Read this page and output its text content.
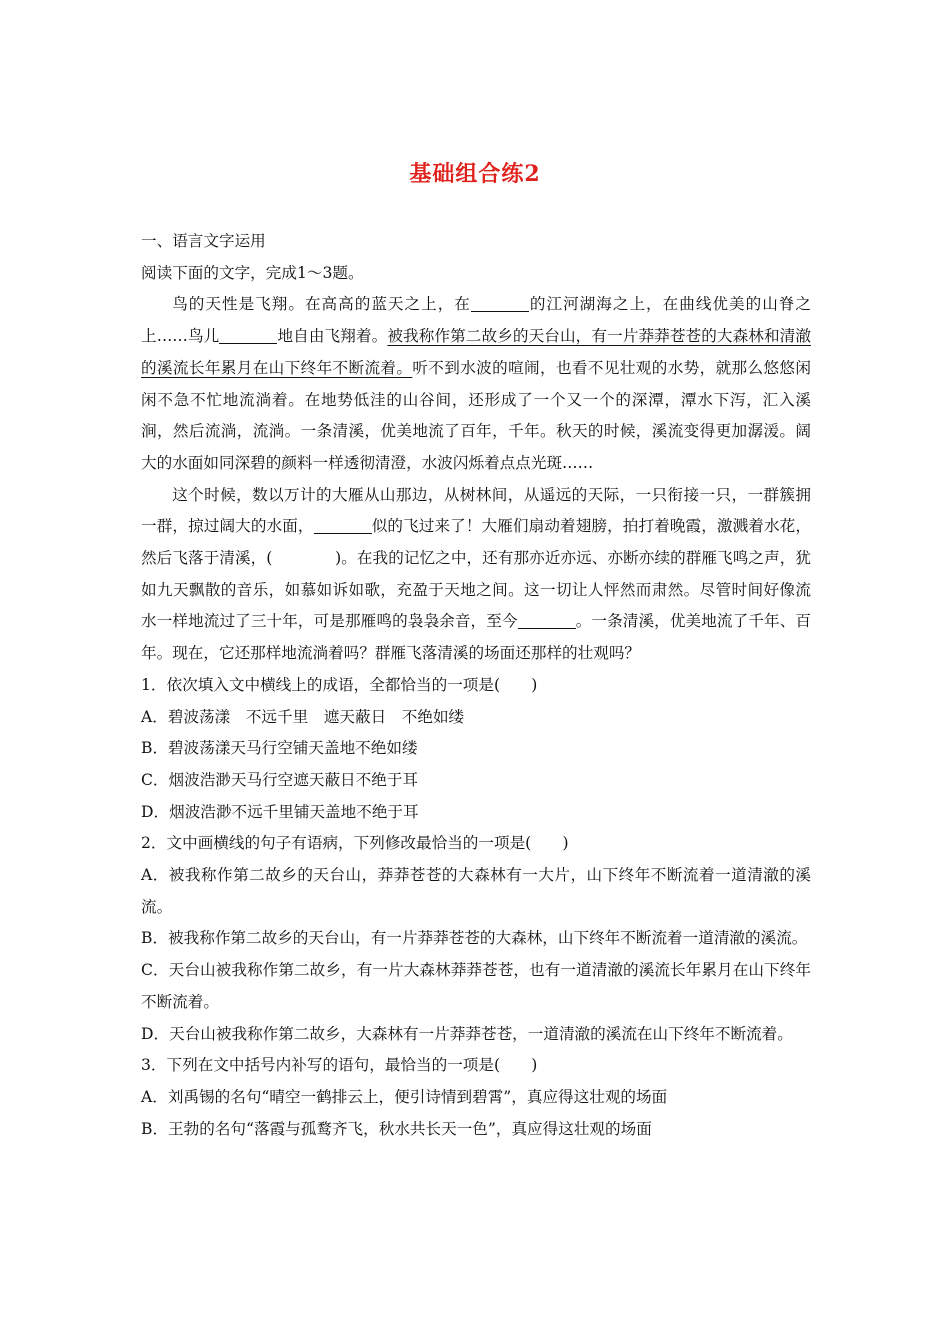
基础组合练2
一、语言文字运用
阅读下面的文字，完成1～3题。

鸟的天性是飞翔。在高高的蓝天之上，在	的江河湖海之上，在曲线优美的山脊之上……鸟儿	地自由飞翔着。被我称作第二故乡的天台山，有一片莽莽苍苍的大森林和清澈的溪流长年累月在山下终年不断流着。听不到水波的喧闹，也看不见壮观的水势，就那么悠悠闲闲不急不忙地流淌着。在地势低洼的山谷间，还形成了一个又一个的深潭，潭水下泻，汇入溪涧，然后流淌，流淌。一条清溪，优美地流了百年，千年。秋天的时候，溪流变得更加潺湲。阔大的水面如同深碧的颜料一样透彻清澄，水波闪烁着点点光斑……

这个时候，数以万计的大雁从山那边，从树林间，从遥远的天际，一只衔接一只，一群簇拥一群，掠过阔大的水面，	似的飞过来了！大雁们扇动着翅膀，拍打着晚霞，激溅着水花，然后飞落于清溪，(　　　　)。在我的记忆之中，还有那亦近亦远、亦断亦续的群雁飞鸣之声，犹如九天飘散的音乐，如慕如诉如歌，充盈于天地之间。这一切让人怦然而肃然。尽管时间好像流水一样地流过了三十年，可是那雁鸣的袅袅余音，至今	。一条清溪，优美地流了千年、百年。现在，它还那样地流淌着吗？群雁飞落清溪的场面还那样的壮观吗？

1．依次填入文中横线上的成语，全都恰当的一项是(　　)

A．碧波荡漾　不远千里　遮天蔽日　不绝如缕

B．碧波荡漾天马行空铺天盖地不绝如缕

C．烟波浩渺天马行空遮天蔽日不绝于耳

D．烟波浩渺不远千里铺天盖地不绝于耳

2．文中画横线的句子有语病，下列修改最恰当的一项是(　　)

A．被我称作第二故乡的天台山，莽莽苍苍的大森林有一大片，山下终年不断流着一道清澈的溪流。

B．被我称作第二故乡的天台山，有一片莽莽苍苍的大森林，山下终年不断流着一道清澈的溪流。

C．天台山被我称作第二故乡，有一片大森林莽莽苍苍，也有一道清澈的溪流长年累月在山下终年不断流着。

D．天台山被我称作第二故乡，大森林有一片莽莽苍苍，一道清澈的溪流在山下终年不断流着。

3．下列在文中括号内补写的语句，最恰当的一项是(　　)

A．刘禹锡的名句“晴空一鹤排云上，便引诗情到碧霄”，真应得这壮观的场面

B．王勃的名句“落霞与孤鹜齐飞，秋水共长天一色”，真应得这壮观的场面
